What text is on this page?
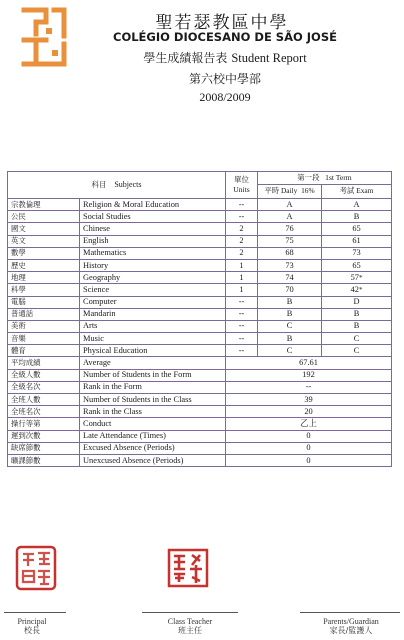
聖若瑟教區中學
COLÉGIO DIOCESANO DE SÃO JOSÉ
學生成績報告表 Student Report
第六校中學部
2008/2009
科目 Subjects		單位
Units	第一段 1st Term	
			平時 Daily 16%	考試 Exam
宗教倫理	Religion & Moral Education	--	A	A
公民	Social Studies	--	A	B
國文	Chinese	2	76	65
英文	English	2	75	61
數學	Mathematics	2	68	73
歷史	History	1	73	65
地理	Geography	1	74	57*
科學	Science	1	70	42*
電腦	Computer	--	B	D
普通話	Mandarin	--	B	B
美術	Arts	--	C	B
音樂	Music	--	B	C
體育	Physical Education	--	C	C
平均成績	Average	67.61		
全級人數	Number of Students in the Form	192		
全級名次	Rank in the Form	--		
全班人數	Number of Students in the Class	39		
全班名次	Rank in the Class	20		
操行等第	Conduct	乙上		
遲到次數	Late Attendance (Times)	0		
缺席節數	Excused Absence (Periods)	0		
曠課節數	Unexcused Absence (Periods)	0		
Principal
校長
Class Teacher
班主任
Parents/Guardian
家長/監護人
